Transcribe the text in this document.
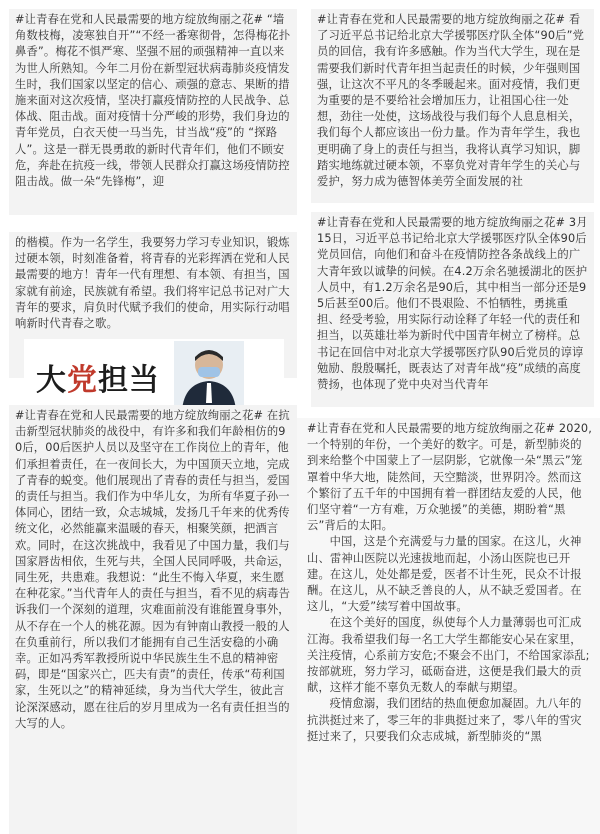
#让青春在党和人民最需要的地方绽放绚丽之花# “墙角数枝梅，凌寒独自开”“不经一番寒彻骨，怎得梅花扑鼻香”。梅花不惧严寒、坚强不屈的顽强精神一直以来为世人所熟知。今年二月份在新型冠状病毒肺炎疫情发生时，我们国家以坚定的信心、顽强的意志、果断的措施来面对这次疫情，坚决打赢疫情防控的人民战争、总体战、阻击战。面对疫情十分严峻的形势，我们身边的青年党员，白衣天使一马当先，甘当战“疫”的 “探路人”。这是一群无畏勇敢的新时代青年们，他们不顾安危，奔赴在抗疫一线，带领人民群众打赢这场疫情防控阻击战。做一朵“先锋梅”，迎

#让青春在党和人民最需要的地方绽放绚丽之花# 看了习近平总书记给北京大学援鄂医疗队全体“90后”党员的回信，我有许多感触。作为当代大学生，现在是需要我们新时代青年担当起责任的时候，少年强则国强，让这次不平凡的冬季暖起来。面对疫情，我们更为重要的是不要给社会增加压力，让祖国心往一处想，劲往一处使，这场战役与我们每个人息息相关，我们每个人都应该出一份力量。作为青年学生，我也更明确了身上的责任与担当，我将认真学习知识，脚踏实地练就过硬本领，不辜负党对青年学生的关心与爱护，努力成为德智体美劳全面发展的社

的楷模。作为一名学生，我要努力学习专业知识，锻炼过硬本领，时刻准备着，将青春的光彩挥洒在党和人民最需要的地方！青年一代有理想、有本领、有担当，国家就有前途，民族就有希望。我们将牢记总书记对广大青年的要求，肩负时代赋予我们的使命，用实际行动唱响新时代青春之歌。

大党担当

#让青春在党和人民最需要的地方绽放绚丽之花# 3月15日，习近平总书记给北京大学援鄂医疗队全体90后党员回信，向他们和奋斗在疫情防控各条战线上的广大青年致以诚挚的问候。在4.2万余名驰援湖北的医护人员中，有1.2万余名是90后，其中相当一部分还是95后甚至00后。他们不畏艰险、不怕牺牲，勇挑重担、经受考验，用实际行动诠释了年轻一代的责任和担当，以英雄壮举为新时代中国青年树立了榜样。总书记在回信中对北京大学援鄂医疗队90后党员的谆谆勉励、殷殷嘱托，既表达了对青年战“疫”成绩的高度赞扬，也体现了党中央对当代青年

#让青春在党和人民最需要的地方绽放绚丽之花# 在抗击新型冠状肺炎的战役中，有许多和我们年龄相仿的90后，00后医护人员以及坚守在工作岗位上的青年，他们承担着责任，在一夜间长大，为中国顶天立地，完成了青春的蜕变。他们展现出了青春的责任与担当，爱国的责任与担当。我们作为中华儿女，为所有华夏子孙一体同心，团结一致，众志城城，发扬几千年来的优秀传统文化，必然能赢来温暖的春天，相聚笑颜，把酒言欢。同时，在这次挑战中，我看见了中国力量，我们与国家唇齿相依，生死与共，全国人民同呼吸，共命运，同生死，共患难。我想说：“此生不悔入华夏，来生愿在种花家。”当代青年人的责任与担当，看不见的病毒告诉我们一个深刻的道理，灾难面前没有谁能置身事外，从不存在一个人的桃花源。因为有钟南山教授一般的人在负重前行，所以我们才能拥有自己生活安稳的小确幸。正如冯秀军教授所说中华民族生生不息的精神密码，即是“国家兴亡，匹夫有责”的责任，传承“苟利国家，生死以之”的精神延续，身为当代大学生，彼此言论深深感动，愿在往后的岁月里成为一名有责任担当的大写的人。

#让青春在党和人民最需要的地方绽放绚丽之花# 2020,一个特别的年份，一个美好的数字。可是，新型肺炎的到来给整个中国蒙上了一层阴影，它就像一朵“黑云”笼罩着中华大地，陡然间，天空黯淡，世界阴冷。然而这个繁衍了五千年的中国拥有着一群团结友爱的人民，他们坚守着“一方有难，万众驰援”的美德，期盼着“黑云”背后的太阳。

中国，这是个充满爱与力量的国家。在这儿，火神山、雷神山医院以光速拔地而起，小汤山医院也已开建。在这儿，处处都是爱，医者不计生死，民众不计报酬。在这儿，从不缺乏善良的人，从不缺乏爱国者。在这儿，“大爱”续写着中国故事。

在这个美好的国度，纵使每个人力量薄弱也可汇成江海。我希望我们每一名工大学生都能安心呆在家里，关注疫情，心系前方安危;不聚会不出门，不给国家添乱;按部就班，努力学习，砥砺奋进，这便是我们最大的贡献，这样才能不辜负无数人的奉献与期望。

疫情愈溺，我们团结的热血便愈加凝固。九八年的抗洪挺过来了，零三年的非典挺过来了，零八年的雪灾挺过来了，只要我们众志成城，新型肺炎的“黑
